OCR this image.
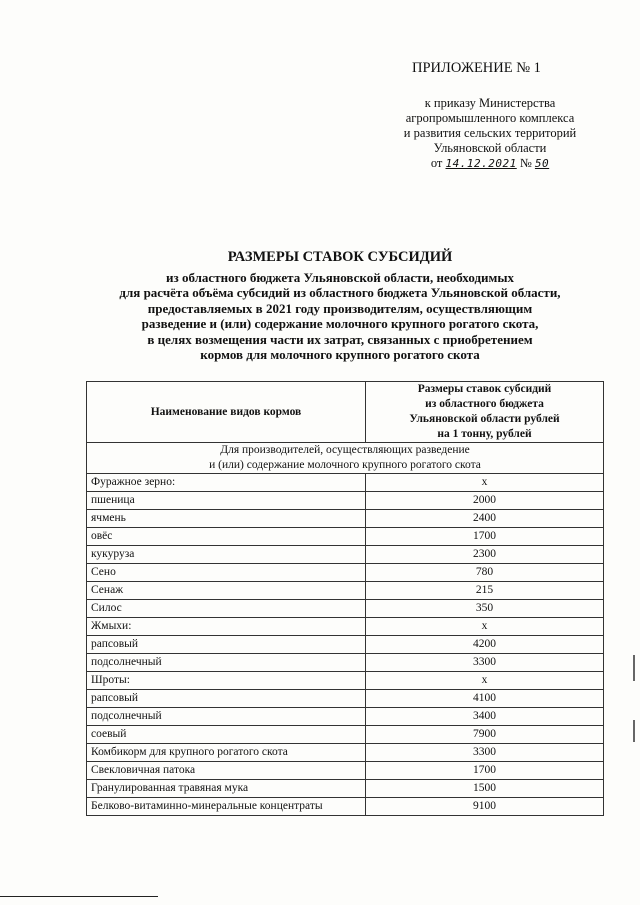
ПРИЛОЖЕНИЕ № 1
к приказу Министерства
агропромышленного комплекса
и развития сельских территорий
Ульяновской области
от 14.12.2021 № 50
РАЗМЕРЫ СТАВОК СУБСИДИЙ
из областного бюджета Ульяновской области, необходимых
для расчёта объёма субсидий из областного бюджета Ульяновской области,
предоставляемых в 2021 году производителям, осуществляющим
разведение и (или) содержание молочного крупного рогатого скота,
в целях возмещения части их затрат, связанных с приобретением
кормов для молочного крупного рогатого скота
Наименование видов кормов	Размеры ставок субсидий
из областного бюджета
Ульяновской области рублей
на 1 тонну, рублей

Для производителей, осуществляющих разведение
и (или) содержание молочного крупного рогатого скота	

Фуражное зерно:	х
пшеница	2000
ячмень	2400
овёс	1700
кукуруза	2300
Сено	780
Сенаж	215
Силос	350
Жмыхи:	х
рапсовый	4200
подсолнечный	3300
Шроты:	х
рапсовый	4100
подсолнечный	3400
соевый	7900
Комбикорм для крупного рогатого скота	3300
Свекловичная патока	1700
Гранулированная травяная мука	1500
Белково-витаминно-минеральные концентраты	9100
